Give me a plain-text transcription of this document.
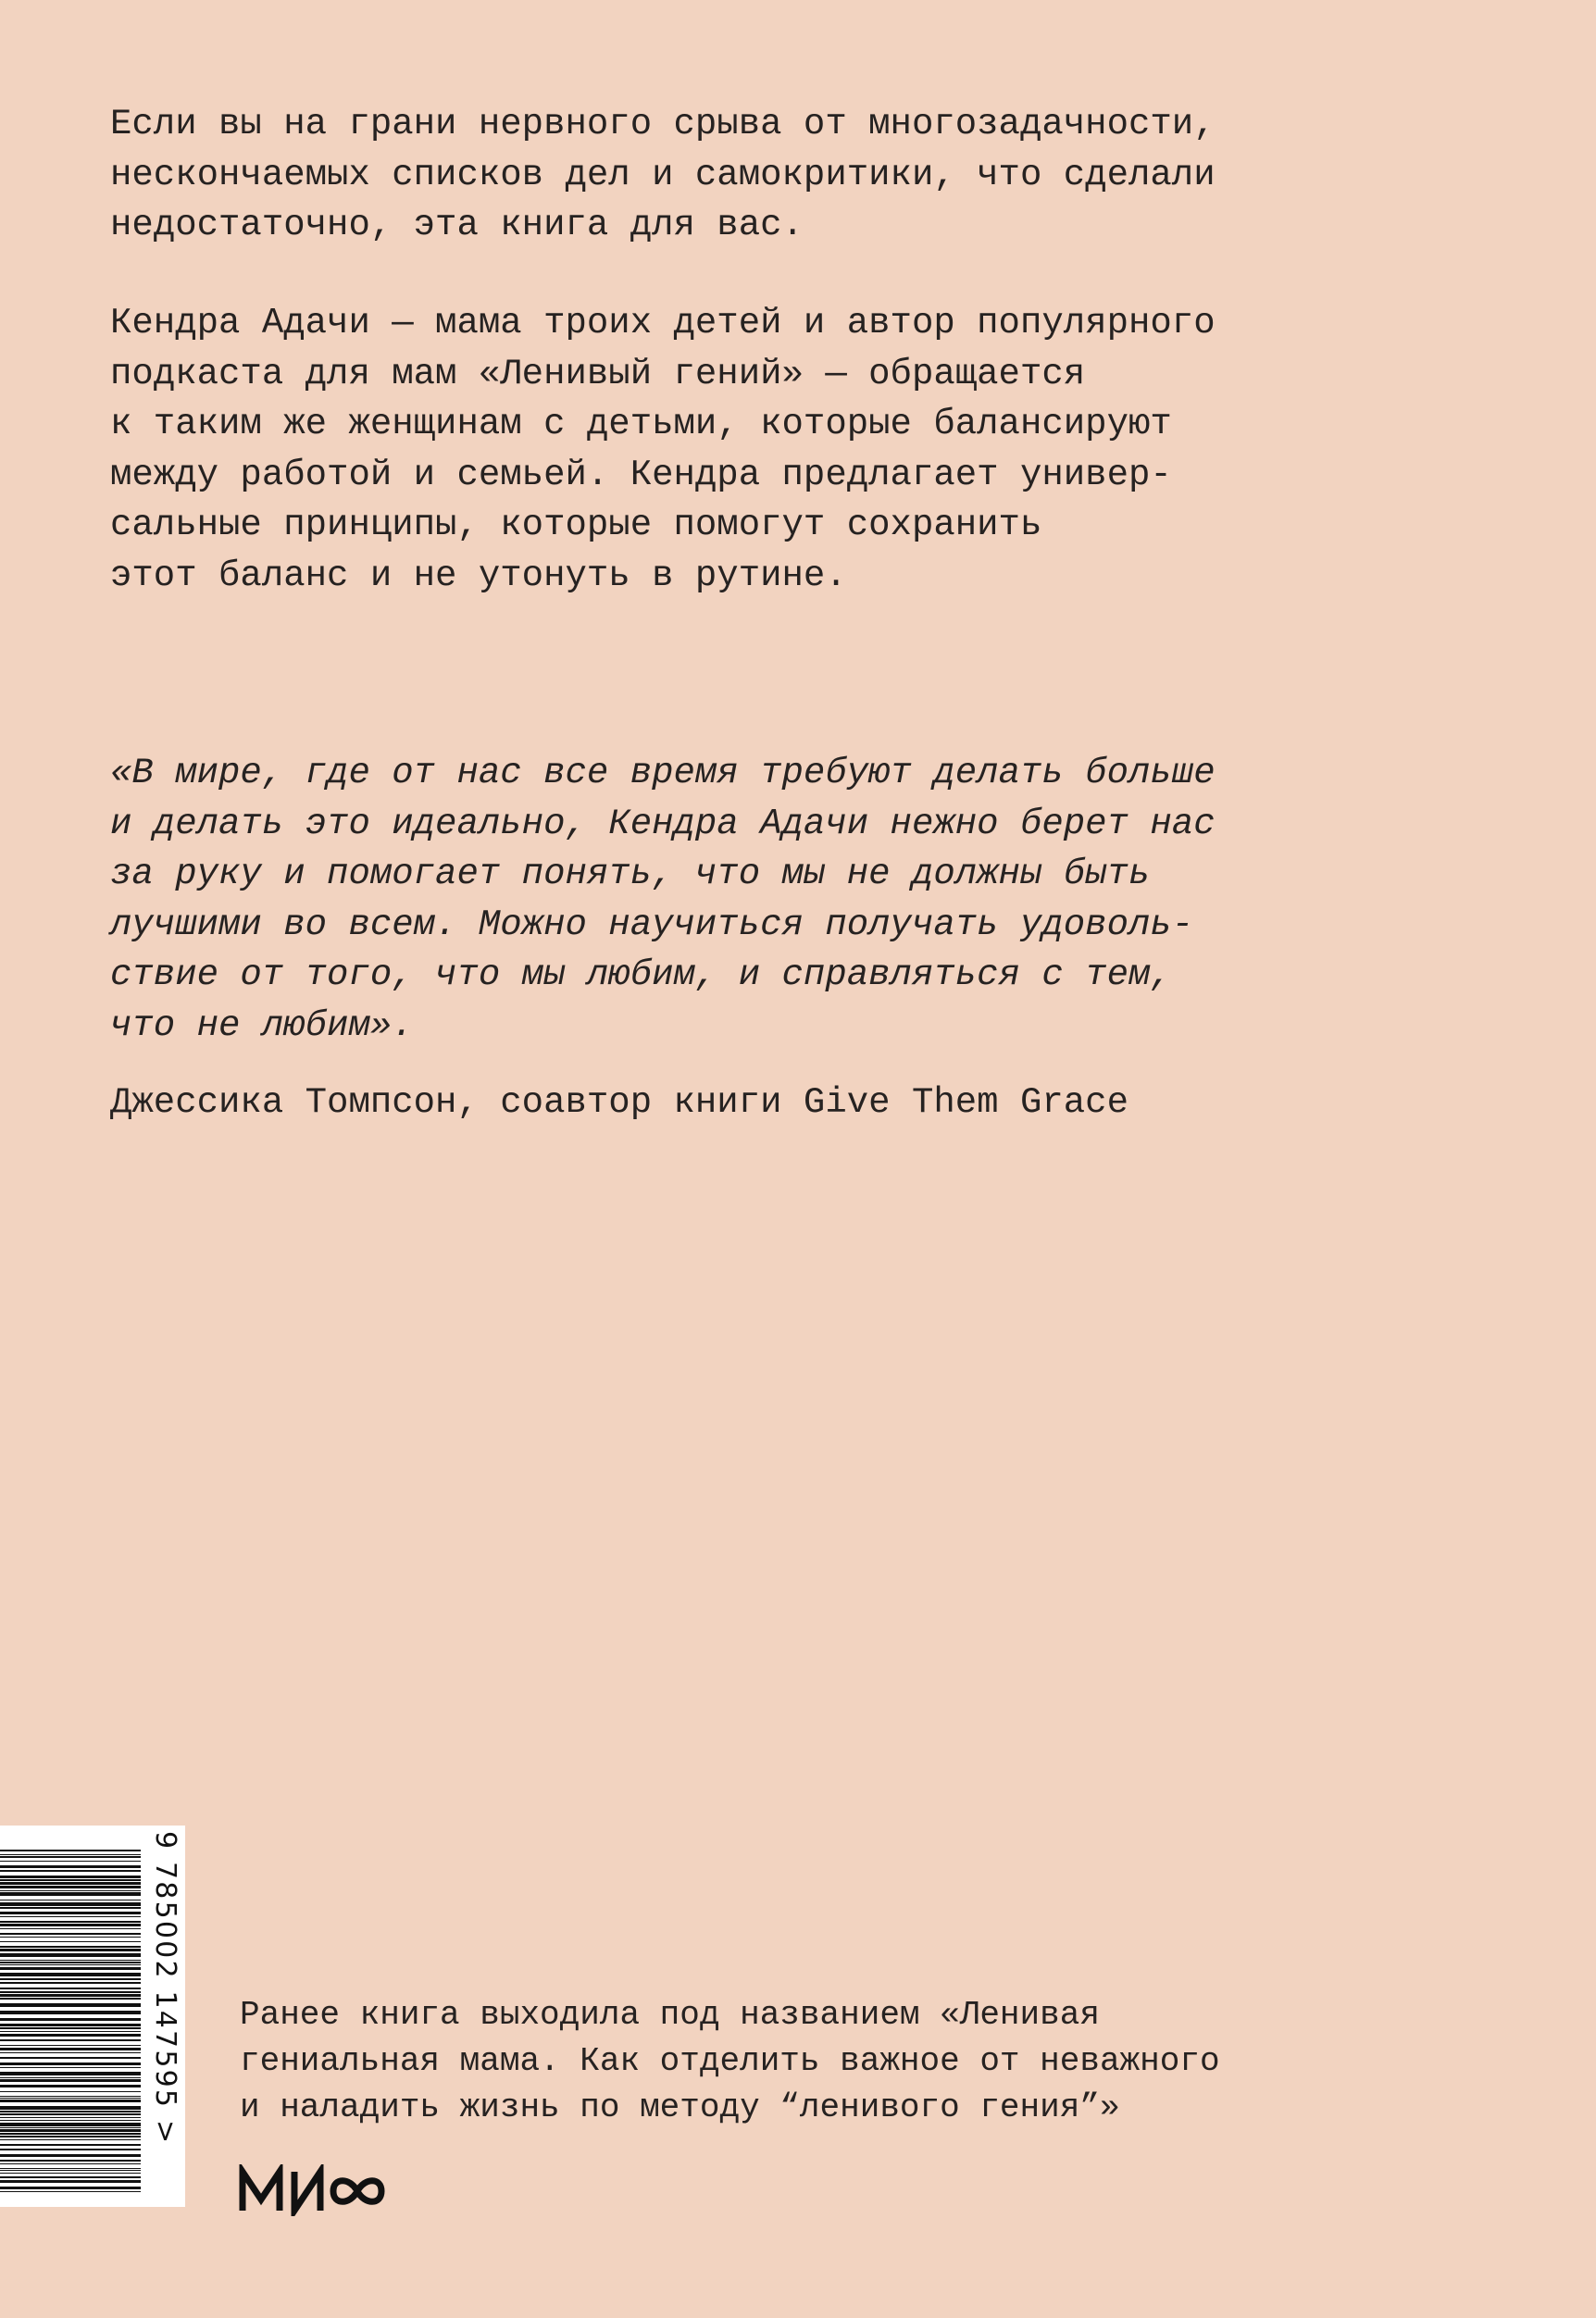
Если вы на грани нервного срыва от многозадачности,
нескончаемых списков дел и самокритики, что сделали
недостаточно, эта книга для вас.
Кендра Адачи — мама троих детей и автор популярного
подкаста для мам «Ленивый гений» — обращается
к таким же женщинам с детьми, которые балансируют
между работой и семьей. Кендра предлагает универ-
сальные принципы, которые помогут сохранить
этот баланс и не утонуть в рутине.
«В мире, где от нас все время требуют делать больше
и делать это идеально, Кендра Адачи нежно берет нас
за руку и помогает понять, что мы не должны быть
лучшими во всем. Можно научиться получать удоволь-
ствие от того, что мы любим, и справляться с тем,
что не любим».
Джессика Томпсон, соавтор книги Give Them Grace
9 785002 147595 > Ранее книга выходила под названием «Ленивая
гениальная мама. Как отделить важное от неважного
и наладить жизнь по методу “ленивого гения”»
